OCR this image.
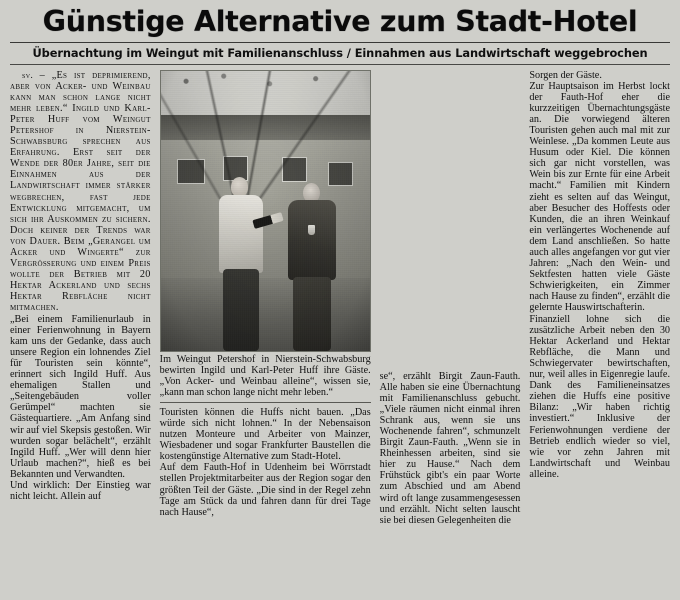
Günstige Alternative zum Stadt-Hotel
Übernachtung im Weingut mit Familienanschluss / Einnahmen aus Landwirtschaft weggebrochen

sv. – „Es ist deprimierend, aber von Acker- und Weinbau kann man schon lange nicht mehr leben.“ Ingild und Karl-Peter Huff vom Weingut Petershof in Nierstein-Schwabsburg sprechen aus Erfahrung. Erst seit der Wende der 80er Jahre, seit die Einnahmen aus der Landwirtschaft immer stärker wegbrechen, fast jede Entwicklung mitgemacht, um sich ihr Auskommen zu sichern. Doch keiner der Trends war von Dauer. Beim „Gerangel um Acker und Wingerte“ zur Vergrößerung und einem Preis wollte der Betrieb mit 20 Hektar Ackerland und sechs Hektar Rebfläche nicht mitmachen.

„Bei einem Familienurlaub in einer Ferienwohnung in Bayern kam uns der Gedanke, dass auch unsere Region ein lohnendes Ziel für Touristen sein könnte“, erinnert sich Ingild Huff. Aus ehemaligen Stallen und „Seitengebäuden voller Gerümpel“ machten sie Gästequartiere. „Am Anfang sind wir auf viel Skepsis gestoßen. Wir wurden sogar belächelt“, erzählt Ingild Huff. „Wer will denn hier Urlaub machen?“, hieß es bei Bekannten und Verwandten.

Und wirklich: Der Einstieg war nicht leicht. Allein auf

Im Weingut Petershof in Nierstein-Schwabsburg bewirten Ingild und Karl-Peter Huff ihre Gäste. „Von Acker- und Weinbau alleine“, wissen sie, „kann man schon lange nicht mehr leben.“

Touristen können die Huffs nicht bauen. „Das würde sich nicht lohnen.“ In der Nebensaison nutzen Monteure und Arbeiter von Mainzer, Wiesbadener und sogar Frankfurter Baustellen die kostengünstige Alternative zum Stadt-Hotel.

Auf dem Fauth-Hof in Udenheim bei Wörrstadt stellen Projektmitarbeiter aus der Region sogar den größten Teil der Gäste. „Die sind in der Regel zehn Tage am Stück da und fahren dann für drei Tage nach Hause“,

se“, erzählt Birgit Zaun-Fauth. Alle haben sie eine Übernachtung mit Familienanschluss gebucht. „Viele räumen nicht einmal ihren Schrank aus, wenn sie uns Wochenende fahren“, schmunzelt Birgit Zaun-Fauth. „Wenn sie in Rheinhessen arbeiten, sind sie hier zu Hause.“ Nach dem Frühstück gibt's ein paar Worte zum Abschied und am Abend wird oft lange zusammengesessen und erzählt. Nicht selten lauscht sie bei diesen Gelegenheiten die

Sorgen der Gäste.

Zur Hauptsaison im Herbst lockt der Fauth-Hof eher die kurzzeitigen Übernachtungsgäste an. Die vorwiegend älteren Touristen gehen auch mal mit zur Weinlese. „Da kommen Leute aus Husum oder Kiel. Die können sich gar nicht vorstellen, was Wein bis zur Ernte für eine Arbeit macht.“ Familien mit Kindern zieht es selten auf das Weingut, aber Besucher des Hoffests oder Kunden, die an ihren Weinkauf ein verlängertes Wochenende auf dem Land anschließen. So hatte auch alles angefangen vor gut vier Jahren: „Nach den Wein- und Sektfesten hatten viele Gäste Schwierigkeiten, ein Zimmer nach Hause zu finden“, erzählt die gelernte Hauswirtschafterin.

Finanziell lohne sich die zusätzliche Arbeit neben den 30 Hektar Ackerland und Hektar Rebfläche, die Mann und Schwiegervater bewirtschaften, nur, weil alles in Eigenregie laufe. Dank des Familieneinsatzes ziehen die Huffs eine positive Bilanz: „Wir haben richtig investiert.“ Inklusive der Ferienwohnungen verdiene der Betrieb endlich wieder so viel, wie vor zehn Jahren mit Landwirtschaft und Weinbau alleine.
